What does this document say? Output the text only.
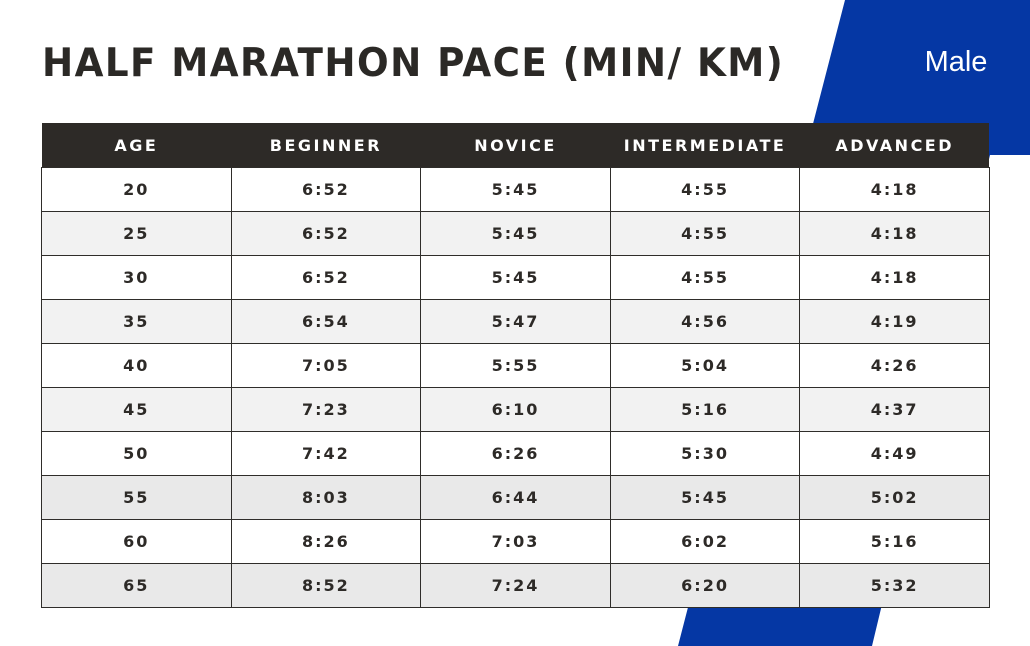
HALF MARATHON PACE (MIN/ KM)	Male
AGE	BEGINNER	NOVICE	INTERMEDIATE	ADVANCED
20	6:52	5:45	4:55	4:18
25	6:52	5:45	4:55	4:18
30	6:52	5:45	4:55	4:18
35	6:54	5:47	4:56	4:19
40	7:05	5:55	5:04	4:26
45	7:23	6:10	5:16	4:37
50	7:42	6:26	5:30	4:49
55	8:03	6:44	5:45	5:02
60	8:26	7:03	6:02	5:16
65	8:52	7:24	6:20	5:32
